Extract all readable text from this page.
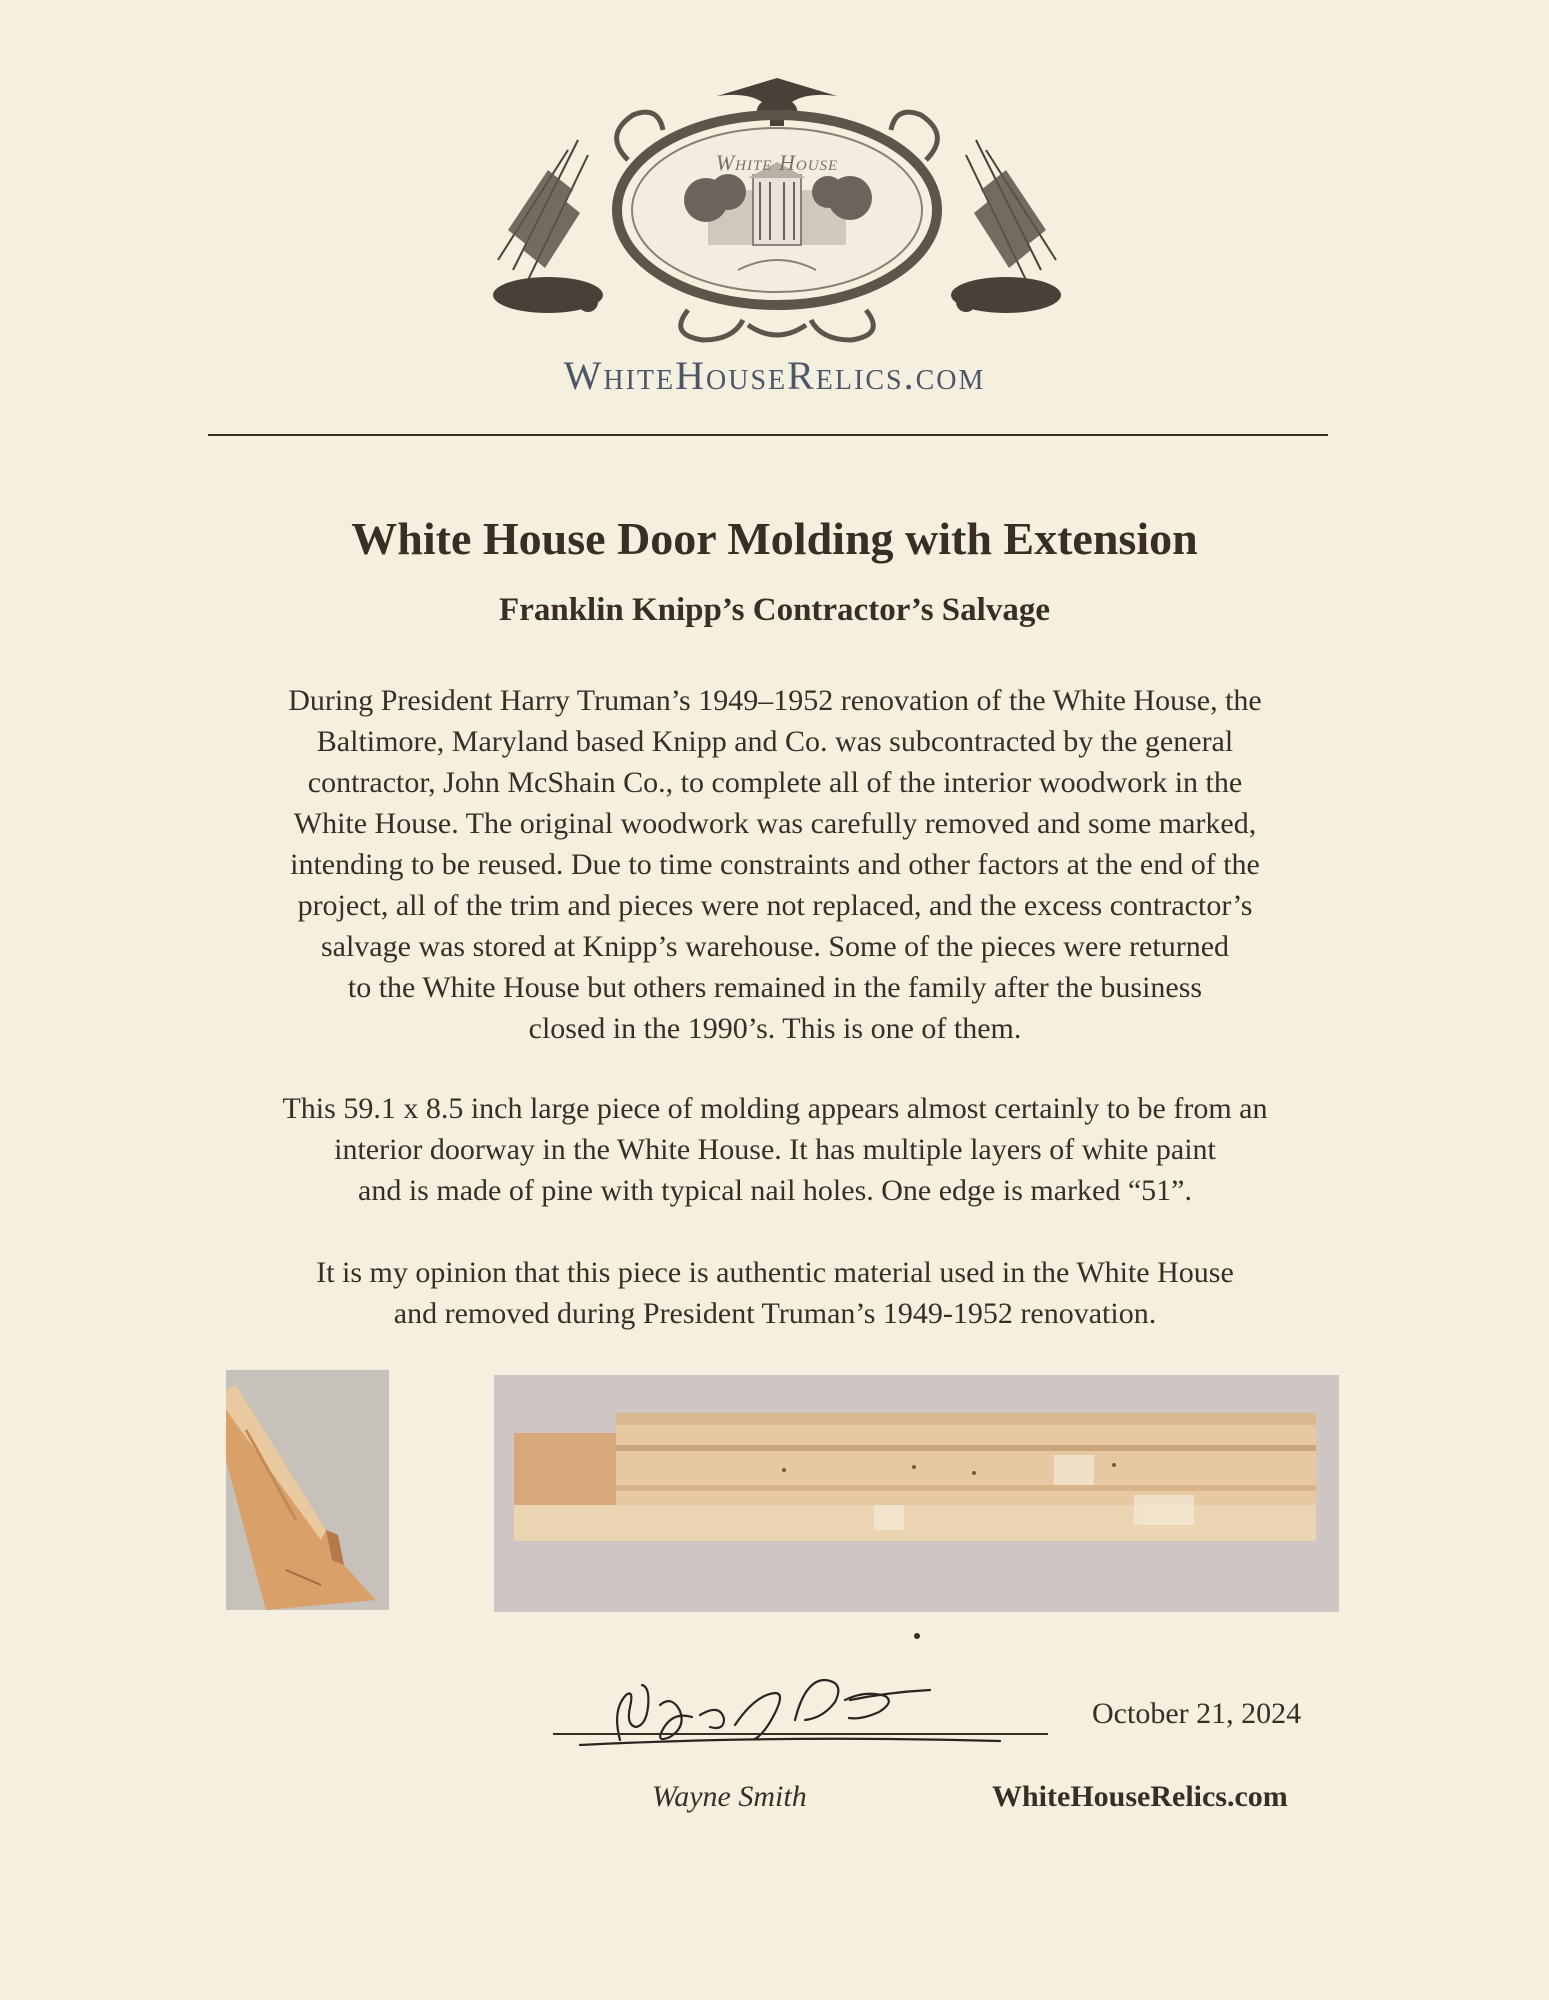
White House
WhiteHouseRelics.com
White House Door Molding with Extension
Franklin Knipp’s Contractor’s Salvage
During President Harry Truman’s 1949–1952 renovation of the White House, the
Baltimore, Maryland based Knipp and Co. was subcontracted by the general
contractor, John McShain Co., to complete all of the interior woodwork in the
White House. The original woodwork was carefully removed and some marked,
intending to be reused. Due to time constraints and other factors at the end of the
project, all of the trim and pieces were not replaced, and the excess contractor’s
salvage was stored at Knipp’s warehouse. Some of the pieces were returned
to the White House but others remained in the family after the business
closed in the 1990’s. This is one of them.
This 59.1 x 8.5 inch large piece of molding appears almost certainly to be from an
interior doorway in the White House. It has multiple layers of white paint
and is made of pine with typical nail holes. One edge is marked “51”.
It is my opinion that this piece is authentic material used in the White House
and removed during President Truman’s 1949-1952 renovation.
October 21, 2024
Wayne Smith	WhiteHouseRelics.com
